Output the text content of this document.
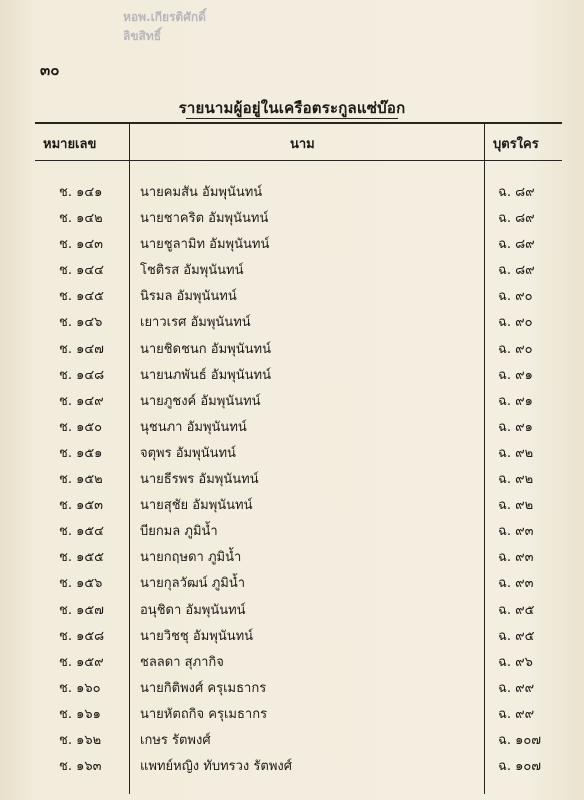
หอพ.เกียรติศักดิ์
ลิขสิทธิ์
๓๐
รายนามผู้อยู่ในเครือตระกูลแซ่บ๊อก
หมายเลข	นาม	บุตรใคร
ช. ๑๔๑	นายคมสัน อัมพุนันทน์	ฉ. ๘๙
ช. ๑๔๒	นายชาคริต อัมพุนันทน์	ฉ. ๘๙
ช. ๑๔๓	นายชูลามิท อัมพุนันทน์	ฉ. ๘๙
ช. ๑๔๔	โชติรส อัมพุนันทน์	ฉ. ๘๙
ช. ๑๔๕	นิรมล อัมพุนันทน์	ฉ. ๙๐
ช. ๑๔๖	เยาวเรศ อัมพุนันทน์	ฉ. ๙๐
ช. ๑๔๗	นายชิดชนก อัมพุนันทน์	ฉ. ๙๐
ช. ๑๔๘	นายนภพันธ์ อัมพุนันทน์	ฉ. ๙๑
ช. ๑๔๙	นายภูชงค์ อัมพุนันทน์	ฉ. ๙๑
ช. ๑๕๐	นุชนภา อัมพุนันทน์	ฉ. ๙๑
ช. ๑๕๑	จตุพร อัมพุนันทน์	ฉ. ๙๒
ช. ๑๕๒	นายธีรพร อัมพุนันทน์	ฉ. ๙๒
ช. ๑๕๓	นายสุชัย อัมพุนันทน์	ฉ. ๙๒
ช. ๑๕๔	บียกมล ภูมิน้ำ	ฉ. ๙๓
ช. ๑๕๕	นายกฤษดา ภูมิน้ำ	ฉ. ๙๓
ช. ๑๕๖	นายกุลวัฒน์ ภูมิน้ำ	ฉ. ๙๓
ช. ๑๕๗	อนุชิดา อัมพุนันทน์	ฉ. ๙๕
ช. ๑๕๘	นายวิชชุ อัมพุนันทน์	ฉ. ๙๕
ช. ๑๕๙	ชลลดา สุภากิจ	ฉ. ๙๖
ช. ๑๖๐	นายกิติพงศ์ ครุเมธากร	ฉ. ๙๙
ช. ๑๖๑	นายหัตถกิจ ครุเมธากร	ฉ. ๙๙
ช. ๑๖๒	เกษร รัตพงศ์	ฉ. ๑๐๗
ช. ๑๖๓	แพทย์หญิง ทับทรวง รัตพงศ์	ฉ. ๑๐๗
